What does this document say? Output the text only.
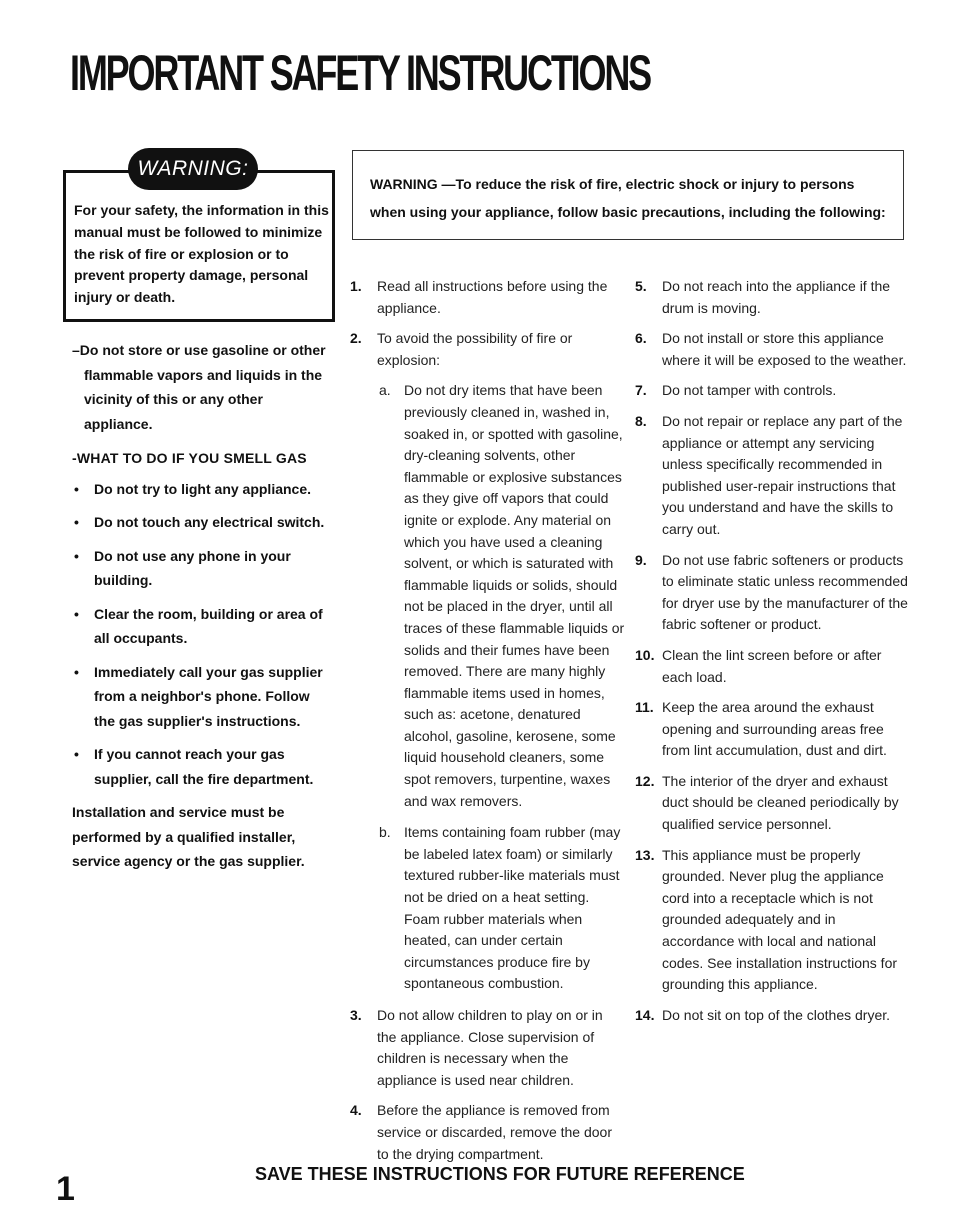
IMPORTANT SAFETY INSTRUCTIONS
WARNING:
For your safety, the information in this manual must be followed to minimize the risk of fire or explosion or to prevent property damage, personal injury or death.

–Do not store or use gasoline or other
flammable vapors and liquids in the vicinity of this or any other appliance.

-WHAT TO DO IF YOU SMELL GAS

• Do not try to light any appliance.
• Do not touch any electrical switch.
• Do not use any phone in your building.
• Clear the room, building or area of all occupants.
• Immediately call your gas supplier from a neighbor's phone. Follow the gas supplier's instructions.
• If you cannot reach your gas supplier, call the fire department.

Installation and service must be performed by a qualified installer, service agency or the gas supplier.

WARNING —To reduce the risk of fire, electric shock or injury to persons when using your appliance, follow basic precautions, including the following:
1. Read all instructions before using the appliance.
2. To avoid the possibility of fire or explosion:
a. Do not dry items that have been previously cleaned in, washed in, soaked in, or spotted with gasoline, dry-cleaning solvents, other flammable or explosive substances as they give off vapors that could ignite or explode. Any material on which you have used a cleaning solvent, or which is saturated with flammable liquids or solids, should not be placed in the dryer, until all traces of these flammable liquids or solids and their fumes have been removed. There are many highly flammable items used in homes, such as: acetone, denatured alcohol, gasoline, kerosene, some liquid household cleaners, some spot removers, turpentine, waxes and wax removers.
b. Items containing foam rubber (may be labeled latex foam) or similarly textured rubber-like materials must not be dried on a heat setting. Foam rubber materials when heated, can under certain circumstances produce fire by spontaneous combustion.
3. Do not allow children to play on or in the appliance. Close supervision of children is necessary when the appliance is used near children.
4. Before the appliance is removed from service or discarded, remove the door to the drying compartment.
5. Do not reach into the appliance if the drum is moving.
6. Do not install or store this appliance where it will be exposed to the weather.
7. Do not tamper with controls.
8. Do not repair or replace any part of the appliance or attempt any servicing unless specifically recommended in published user-repair instructions that you understand and have the skills to carry out.
9. Do not use fabric softeners or products to eliminate static unless recommended for dryer use by the manufacturer of the fabric softener or product.
10. Clean the lint screen before or after each load.
11. Keep the area around the exhaust opening and surrounding areas free from lint accumulation, dust and dirt.
12. The interior of the dryer and exhaust duct should be cleaned periodically by qualified service personnel.
13. This appliance must be properly grounded. Never plug the appliance cord into a receptacle which is not grounded adequately and in accordance with local and national codes. See installation instructions for grounding this appliance.
14. Do not sit on top of the clothes dryer.
1	SAVE THESE INSTRUCTIONS FOR FUTURE REFERENCE
